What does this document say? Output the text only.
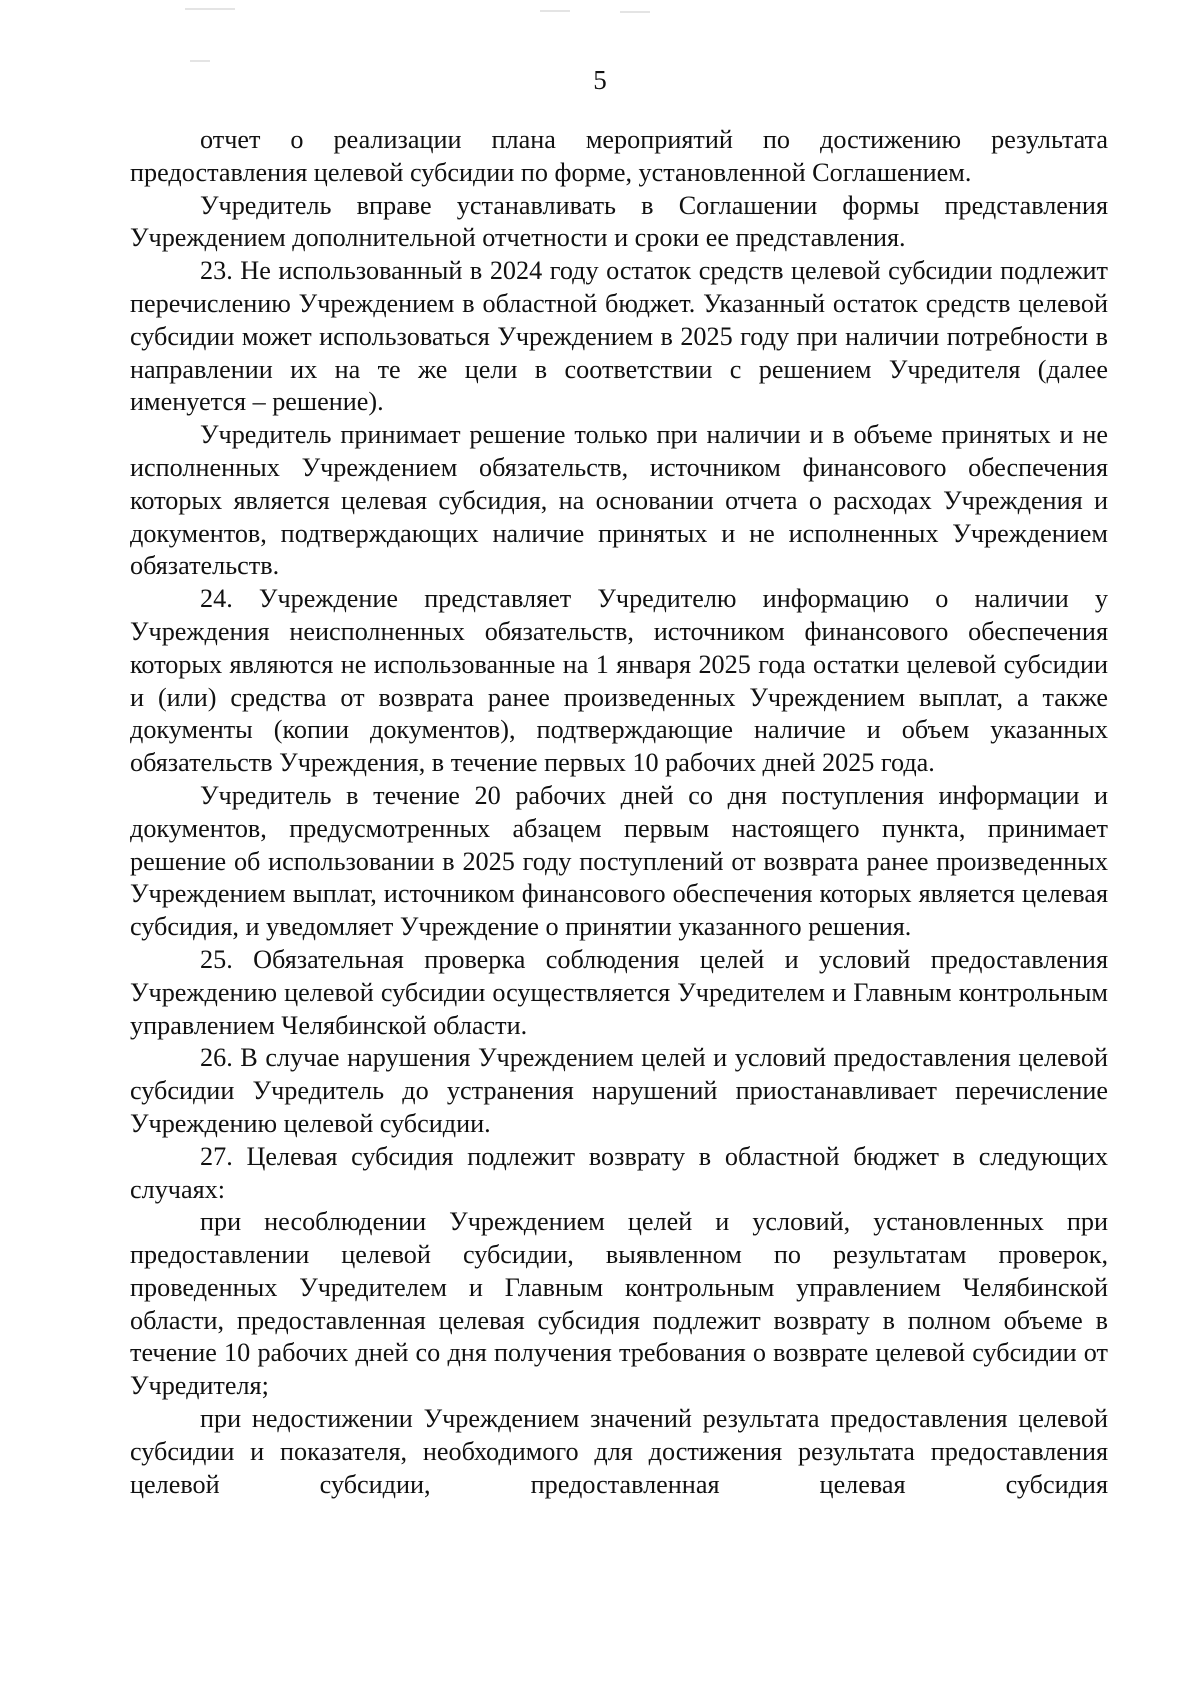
5

отчет о реализации плана мероприятий по достижению результата предоставления целевой субсидии по форме, установленной Соглашением.

Учредитель вправе устанавливать в Соглашении формы представления Учреждением дополнительной отчетности и сроки ее представления.

23. Не использованный в 2024 году остаток средств целевой субсидии подлежит перечислению Учреждением в областной бюджет. Указанный остаток средств целевой субсидии может использоваться Учреждением в 2025 году при наличии потребности в направлении их на те же цели в соответствии с решением Учредителя (далее именуется – решение).

Учредитель принимает решение только при наличии и в объеме принятых и не исполненных Учреждением обязательств, источником финансового обеспечения которых является целевая субсидия, на основании отчета о расходах Учреждения и документов, подтверждающих наличие принятых и не исполненных Учреждением обязательств.

24. Учреждение представляет Учредителю информацию о наличии у Учреждения неисполненных обязательств, источником финансового обеспечения которых являются не использованные на 1 января 2025 года остатки целевой субсидии и (или) средства от возврата ранее произведенных Учреждением выплат, а также документы (копии документов), подтверждающие наличие и объем указанных обязательств Учреждения, в течение первых 10 рабочих дней 2025 года.

Учредитель в течение 20 рабочих дней со дня поступления информации и документов, предусмотренных абзацем первым настоящего пункта, принимает решение об использовании в 2025 году поступлений от возврата ранее произведенных Учреждением выплат, источником финансового обеспечения которых является целевая субсидия, и уведомляет Учреждение о принятии указанного решения.

25. Обязательная проверка соблюдения целей и условий предоставления Учреждению целевой субсидии осуществляется Учредителем и Главным контрольным управлением Челябинской области.

26. В случае нарушения Учреждением целей и условий предоставления целевой субсидии Учредитель до устранения нарушений приостанавливает перечисление Учреждению целевой субсидии.

27. Целевая субсидия подлежит возврату в областной бюджет в следующих случаях:

при несоблюдении Учреждением целей и условий, установленных при предоставлении целевой субсидии, выявленном по результатам проверок, проведенных Учредителем и Главным контрольным управлением Челябинской области, предоставленная целевая субсидия подлежит возврату в полном объеме в течение 10 рабочих дней со дня получения требования о возврате целевой субсидии от Учредителя;

при недостижении Учреждением значений результата предоставления целевой субсидии и показателя, необходимого для достижения результата предоставления целевой субсидии, предоставленная целевая субсидия
